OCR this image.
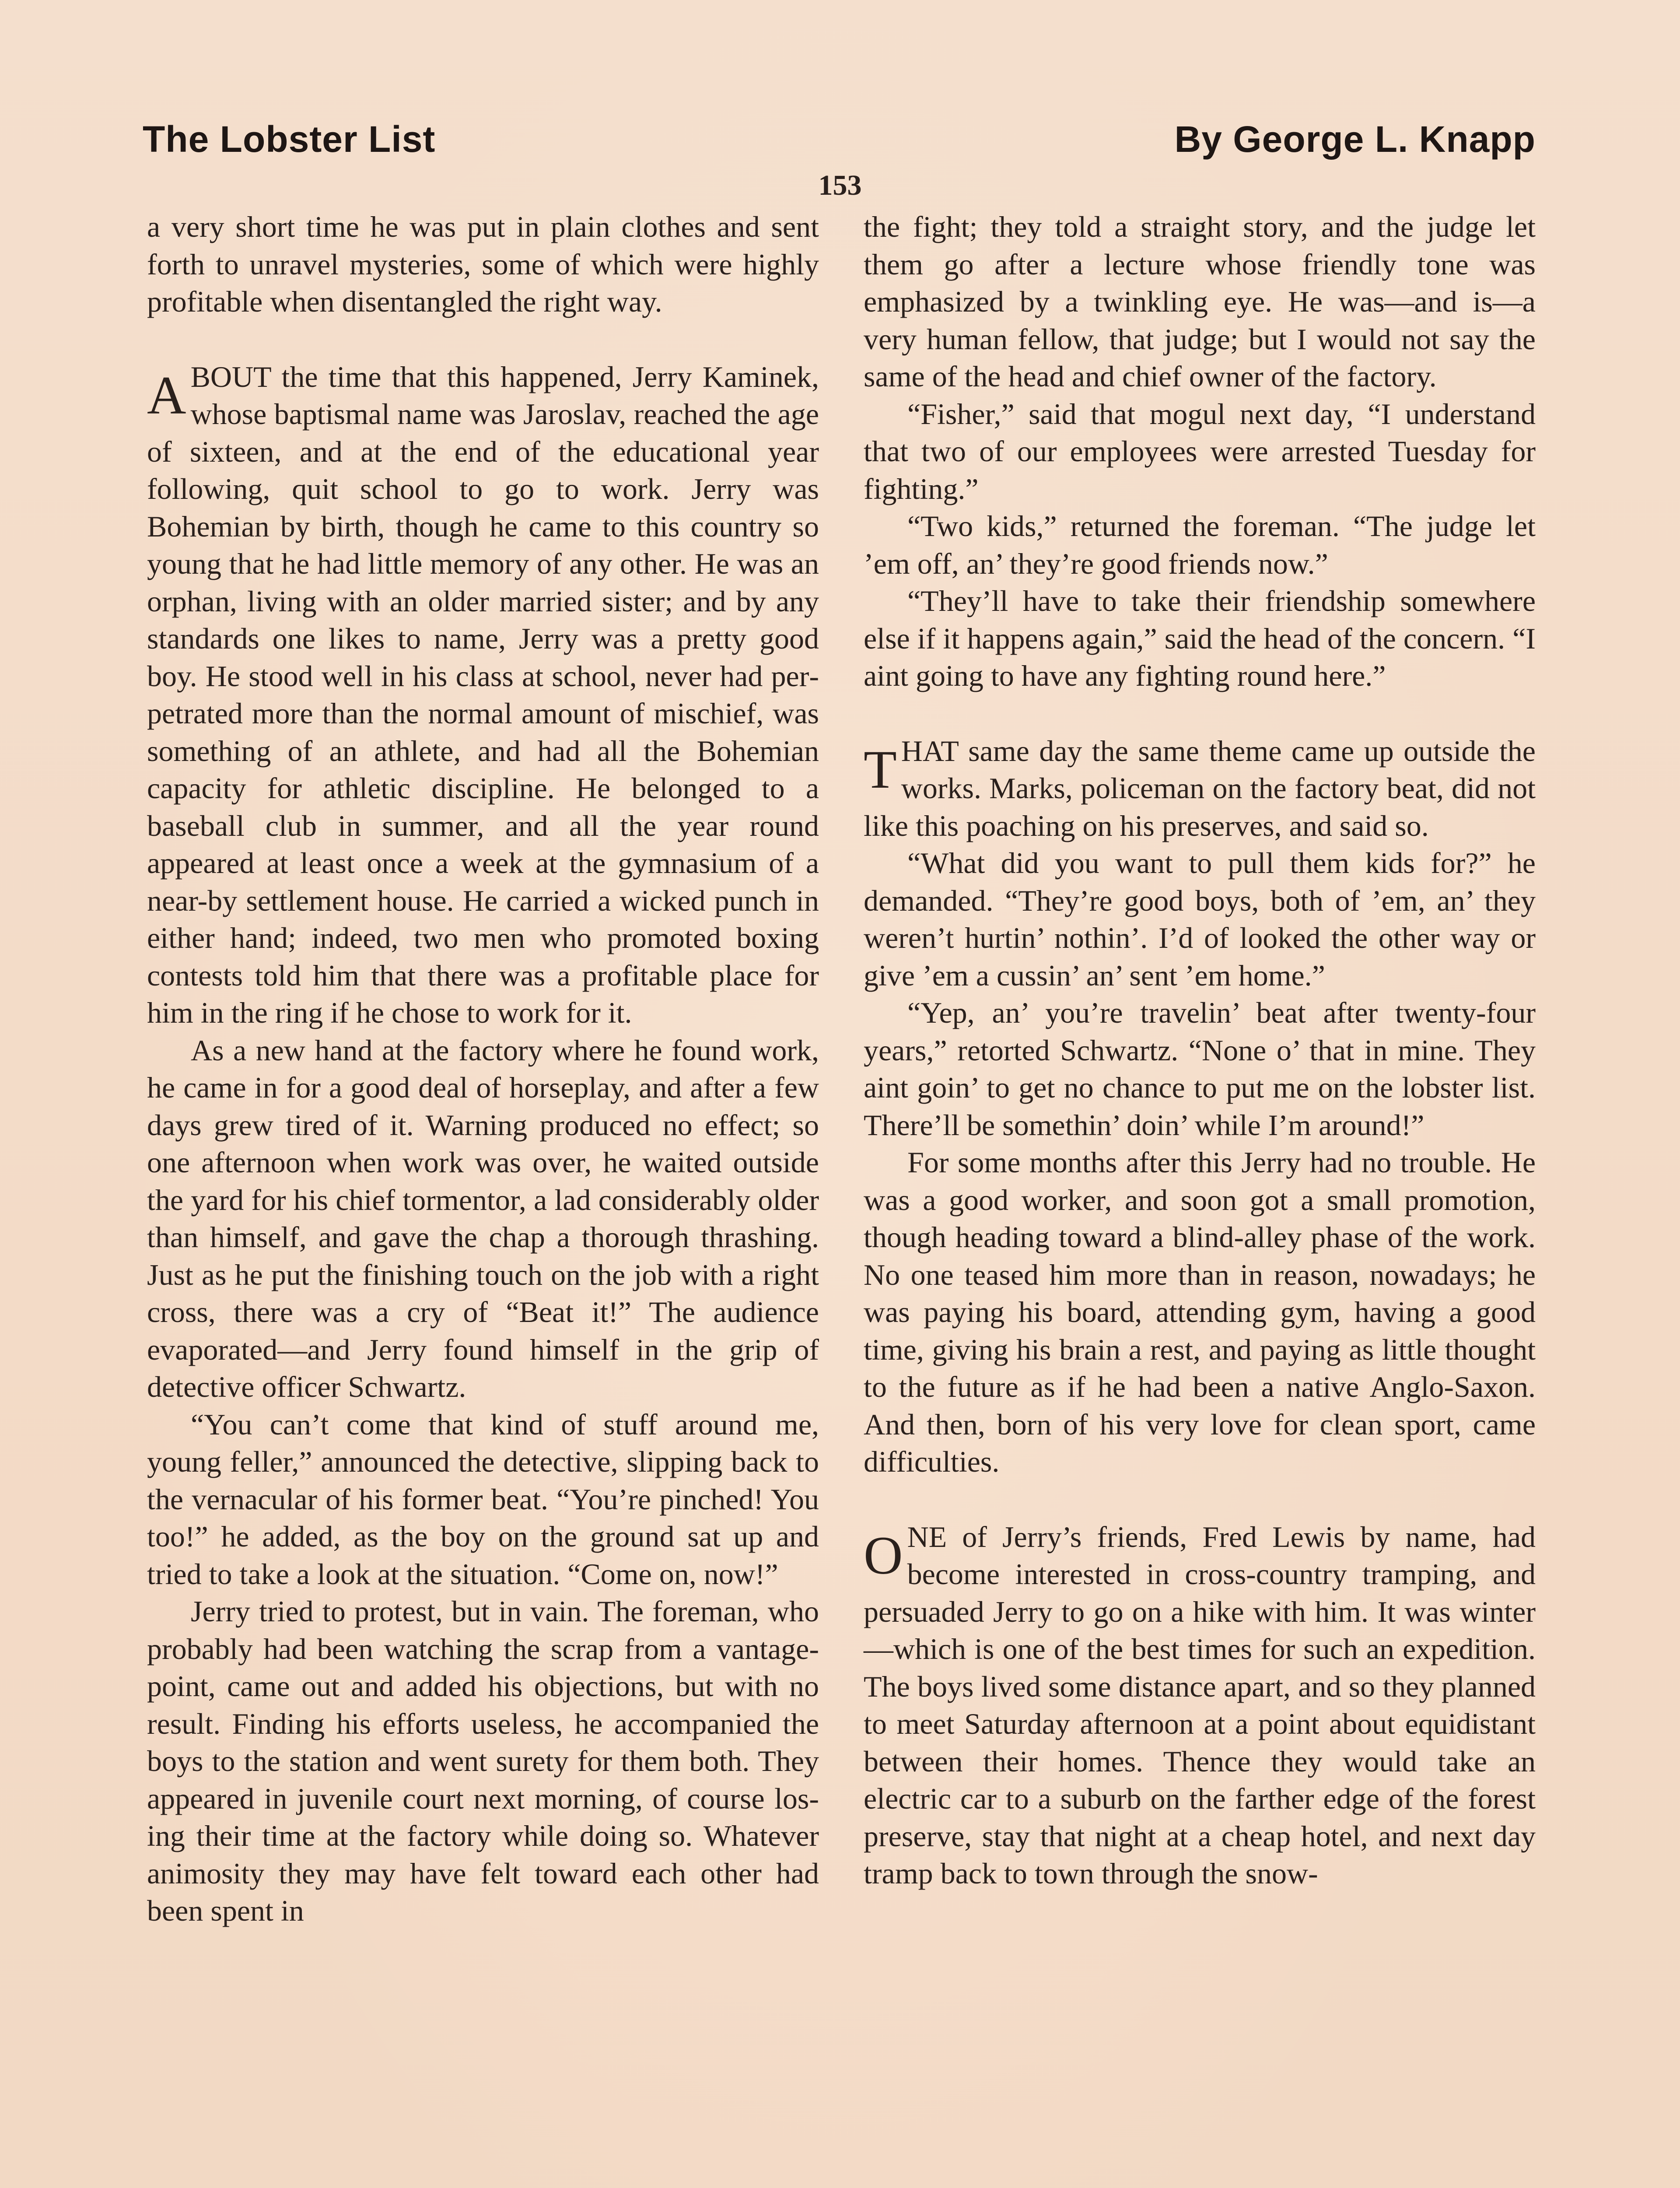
The Lobster List	By George L. Knapp
153

a very short time he was put in plain clothes and sent forth to unravel mysteries, some of which were highly profitable when disentangled the right way.

ABOUT the time that this happened, Jerry Kaminek, whose baptismal name was Jaroslav, reached the age of sixteen, and at the end of the educational year following, quit school to go to work. Jerry was Bohemian by birth, though he came to this country so young that he had little memory of any other. He was an orphan, living with an older married sister; and by any standards one likes to name, Jerry was a pretty good boy. He stood well in his class at school, never had perpetrated more than the normal amount of mischief, was something of an athlete, and had all the Bohemian capacity for athletic discipline. He belonged to a baseball club in summer, and all the year round appeared at least once a week at the gymnasium of a near-by settlement house. He carried a wicked punch in either hand; indeed, two men who promoted boxing contests told him that there was a profitable place for him in the ring if he chose to work for it.

As a new hand at the factory where he found work, he came in for a good deal of horseplay, and after a few days grew tired of it. Warning produced no effect; so one afternoon when work was over, he waited outside the yard for his chief tormentor, a lad considerably older than himself, and gave the chap a thorough thrashing. Just as he put the finishing touch on the job with a right cross, there was a cry of “Beat it!” The audience evaporated—and Jerry found himself in the grip of detective officer Schwartz.

“You can’t come that kind of stuff around me, young feller,” announced the detective, slipping back to the vernacular of his former beat. “You’re pinched! You too!” he added, as the boy on the ground sat up and tried to take a look at the situation. “Come on, now!”

Jerry tried to protest, but in vain. The foreman, who probably had been watching the scrap from a vantage-point, came out and added his objections, but with no result. Finding his efforts useless, he accompanied the boys to the station and went surety for them both. They appeared in juvenile court next morning, of course losing their time at the factory while doing so. Whatever animosity they may have felt toward each other had been spent in

the fight; they told a straight story, and the judge let them go after a lecture whose friendly tone was emphasized by a twinkling eye. He was—and is—a very human fellow, that judge; but I would not say the same of the head and chief owner of the factory.

“Fisher,” said that mogul next day, “I understand that two of our employees were arrested Tuesday for fighting.”

“Two kids,” returned the foreman. “The judge let ’em off, an’ they’re good friends now.”

“They’ll have to take their friendship somewhere else if it happens again,” said the head of the concern. “I aint going to have any fighting round here.”

THAT same day the same theme came up outside the works. Marks, policeman on the factory beat, did not like this poaching on his preserves, and said so.

“What did you want to pull them kids for?” he demanded. “They’re good boys, both of ’em, an’ they weren’t hurtin’ nothin’. I’d of looked the other way or give ’em a cussin’ an’ sent ’em home.”

“Yep, an’ you’re travelin’ beat after twenty-four years,” retorted Schwartz. “None o’ that in mine. They aint goin’ to get no chance to put me on the lobster list. There’ll be somethin’ doin’ while I’m around!”

For some months after this Jerry had no trouble. He was a good worker, and soon got a small promotion, though heading toward a blind-alley phase of the work. No one teased him more than in reason, nowadays; he was paying his board, attending gym, having a good time, giving his brain a rest, and paying as little thought to the future as if he had been a native Anglo-Saxon. And then, born of his very love for clean sport, came difficulties.

ONE of Jerry’s friends, Fred Lewis by name, had become interested in cross-country tramping, and persuaded Jerry to go on a hike with him. It was winter—which is one of the best times for such an expedition. The boys lived some distance apart, and so they planned to meet Saturday afternoon at a point about equidistant between their homes. Thence they would take an electric car to a suburb on the farther edge of the forest preserve, stay that night at a cheap hotel, and next day tramp back to town through the snow-
